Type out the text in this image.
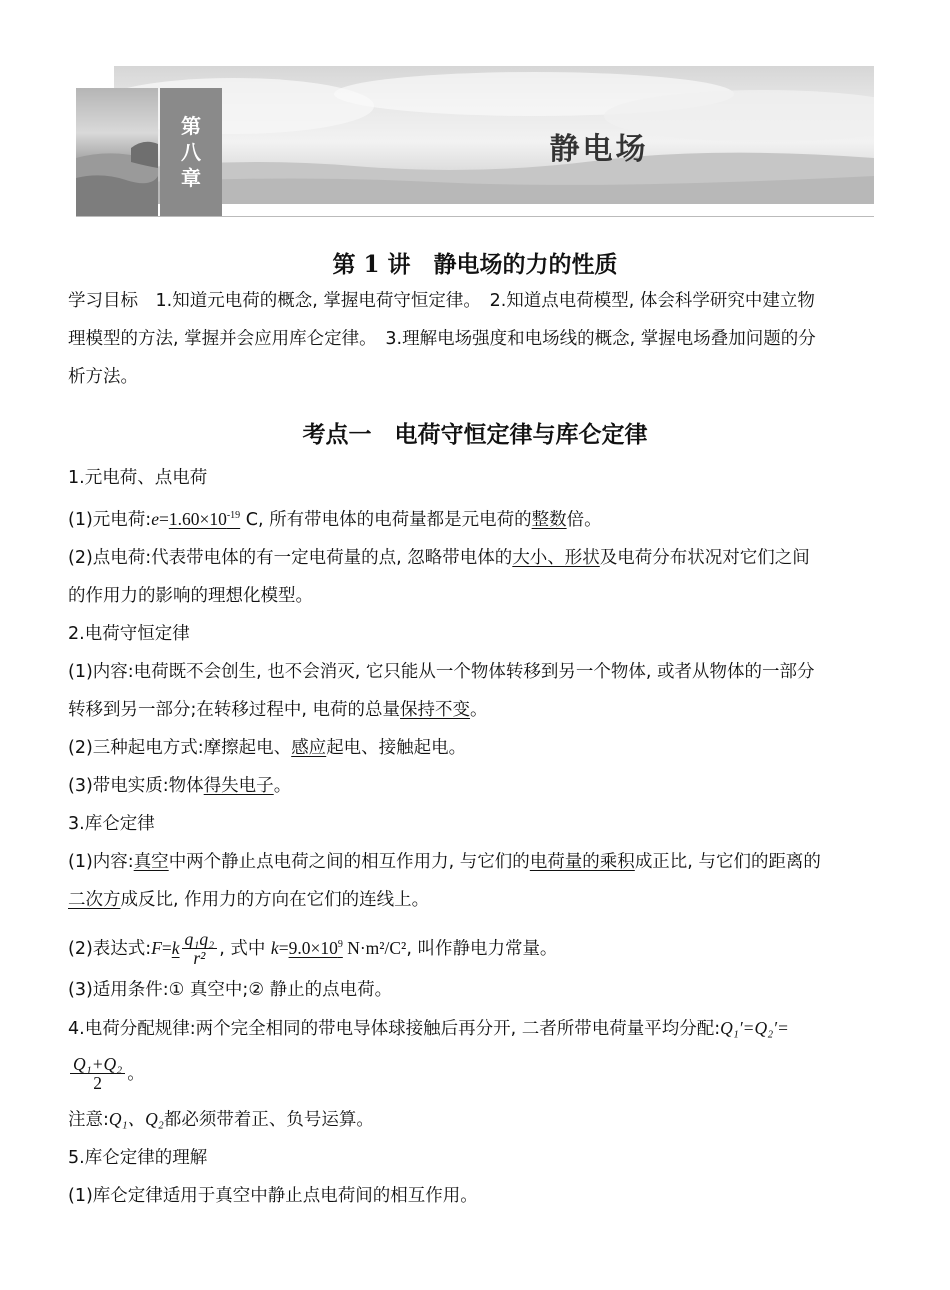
静电场
第
八
章
第 1 讲　静电场的力的性质

学习目标　1.知道元电荷的概念, 掌握电荷守恒定律。　2.知道点电荷模型, 体会科学研究中建立物

理模型的方法, 掌握并会应用库仑定律。　3.理解电场强度和电场线的概念, 掌握电场叠加问题的分

析方法。

考点一　电荷守恒定律与库仑定律

1.元电荷、点电荷

(1)元电荷$:e=1.60\times 10^{-19}$ C, 所有带电体的电荷量都是元电荷的整数倍。

(2)点电荷:代表带电体的有一定电荷量的点, 忽略带电体的大小、形状及电荷分布状况对它们之间

的作用力的影响的理想化模型。

2.电荷守恒定律

(1)内容:电荷既不会创生, 也不会消灭, 它只能从一个物体转移到另一个物体, 或者从物体的一部分

转移到另一部分;在转移过程中, 电荷的总量保持不变。

(2)三种起电方式:摩擦起电、感应起电、接触起电。

(3)带电实质:物体得失电子。

3.库仑定律

(1)内容:真空中两个静止点电荷之间的相互作用力, 与它们的电荷量的乘积成正比, 与它们的距离的

二次方成反比, 作用力的方向在它们的连线上。

(2)表达式:F=k $\frac{\text{q₁q₂}}{\text{r²}}$ , 式中 $k=9.0\times 10^9$ N·m²/C², 叫作静电力常量。

(3)适用条件:① 真空中;② 静止的点电荷。

4.电荷分配规律:两个完全相同的带电导体球接触后再分开, 二者所带电荷量平均分配:Q₁′=Q₂′=

$\frac{\text{Q₁+Q₂}}{2}$ 。

注意:Q₁、Q₂都必须带着正、负号运算。

5.库仑定律的理解

(1)库仑定律适用于真空中静止点电荷间的相互作用。
